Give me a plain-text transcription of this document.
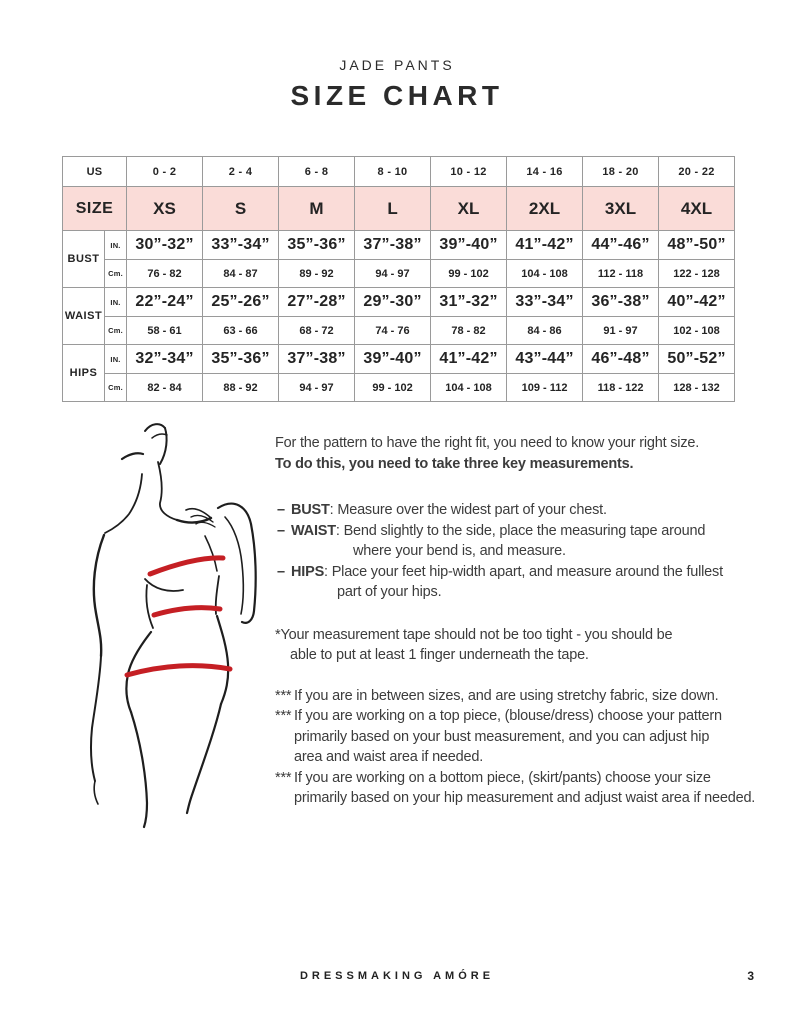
JADE PANTS
SIZE CHART
US		0 - 2	2 - 4	6 - 8	8 - 10	10 - 12	14 - 16	18 - 20	20 - 22
SIZE		XS	S	M	L	XL	2XL	3XL	4XL
BUST	IN.	30”-32”	33”-34”	35”-36”	37”-38”	39”-40”	41”-42”	44”-46”	48”-50”
	Cm.	76 - 82	84 - 87	89 - 92	94 - 97	99 - 102	104 - 108	112 - 118	122 - 128
WAIST	IN.	22”-24”	25”-26”	27”-28”	29”-30”	31”-32”	33”-34”	36”-38”	40”-42”
	Cm.	58 - 61	63 - 66	68 - 72	74 - 76	78 - 82	84 - 86	91 - 97	102 - 108
HIPS	IN.	32”-34”	35”-36”	37”-38”	39”-40”	41”-42”	43”-44”	46”-48”	50”-52”
	Cm.	82 - 84	88 - 92	94 - 97	99 - 102	104 - 108	109 - 112	118 - 122	128 - 132
For the pattern to have the right fit, you need to know your right size.
To do this, you need to take three key measurements.
– BUST: Measure over the widest part of your chest.
– WAIST: Bend slightly to the side, place the measuring tape around
where your bend is, and measure.
– HIPS: Place your feet hip-width apart, and measure around the fullest
part of your hips.
*Your measurement tape should not be too tight - you should be
able to put at least 1 finger underneath the tape.
*** If you are in between sizes, and are using stretchy fabric, size down.
*** If you are working on a top piece, (blouse/dress) choose your pattern
primarily based on your bust measurement, and you can adjust hip
area and waist area if needed.
*** If you are working on a bottom piece, (skirt/pants) choose your size
primarily based on your hip measurement and adjust waist area if needed.
DRESSMAKING AMÓRE	3
